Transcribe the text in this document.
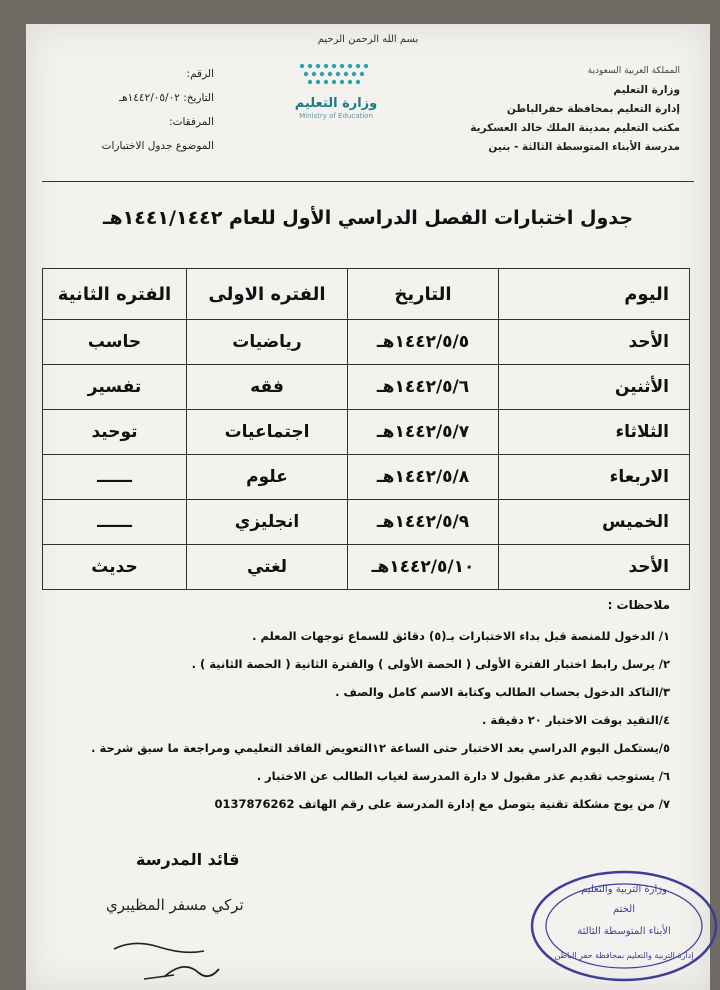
بسم الله الرحمن الرحيم
المملكة العربية السعودية
وزارة التعليم
إدارة التعليم بمحافظة حفرالباطن
مكتب التعليم بمدينة الملك خالد العسكرية
مدرسة الأبناء المتوسطة الثالثة - بنين
وزارة التعليم
Ministry of Education
الرقم:
التاريخ: ١٤٤٢/٠٥/٠٢هـ
المرفقات:
الموضوع جدول الاختبارات
جدول اختبارات الفصل الدراسي الأول للعام ١٤٤١/١٤٤٢هـ
اليوم	التاريخ	الفتره الاولى	الفتره الثانية
الأحد	١٤٤٢/٥/٥هـ	رياضيات	حاسب
الأثنين	١٤٤٢/٥/٦هـ	فقه	تفسير
الثلاثاء	١٤٤٢/٥/٧هـ	اجتماعيات	توحيد
الاربعاء	١٤٤٢/٥/٨هـ	علوم	ــــــ
الخميس	١٤٤٢/٥/٩هـ	انجليزي	ــــــ
الأحد	١٤٤٢/٥/١٠هـ	لغتي	حديث
ملاحظات :
١/ الدخول للمنصة قبل بداء الاختبارات بـ(٥) دقائق للسماع توجهات المعلم .
٢/ يرسل رابط اختبار الفترة الأولى ( الحصة الأولى ) والفترة الثانية ( الحصة الثانية ) .
٣/التاكد الدخول بحساب الطالب وكتابة الاسم كامل والصف .
٤/التقيد بوقت الاختبار ٢٠ دقيقة .
٥/يستكمل اليوم الدراسي بعد الاختبار حتى الساعة ١٢التعويض الفاقد التعليمي ومراجعة ما سبق شرحة .
٦/ يستوجب تقديم عذر مقبول لا دارة المدرسة لغياب الطالب عن الاختبار .
٧/ من يوج مشكلة تقنية يتوصل مع إدارة المدرسة على رقم الهاتف 0137876262
قائد المدرسة
تركي مسفر المظيبري
وزارة التربية والتعليم
الختم
الأبناء المتوسطة الثالثة
إدارة التربية والتعليم بمحافظة حفر الباطن
